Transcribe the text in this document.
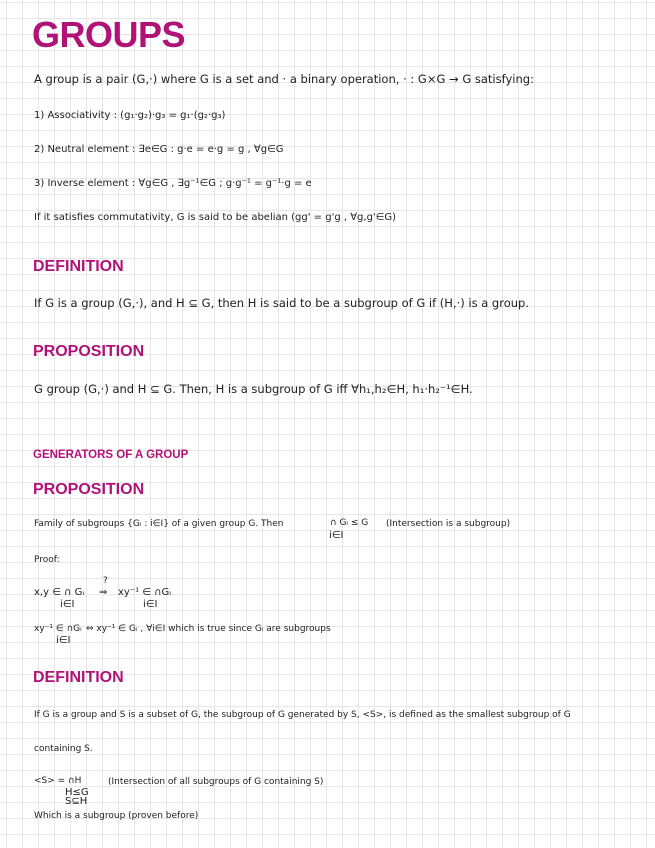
GROUPS
A group is a pair (G,·) where G is a set and · a binary operation, · : G×G → G satisfying:
1) Associativity : (g₁·g₂)·g₃ = g₁·(g₂·g₃)
2) Neutral element : ∃e∈G : g·e = e·g = g , ∀g∈G
3) Inverse element : ∀g∈G , ∃g⁻¹∈G ; g·g⁻¹ = g⁻¹·g = e
If it satisfies commutativity, G is said to be abelian (gg' = g'g , ∀g,g'∈G)
DEFINITION
If G is a group (G,·), and H ⊆ G, then H is said to be a subgroup of G if (H,·) is a group.
PROPOSITION
G group (G,·) and H ⊆ G. Then, H is a subgroup of G iff ∀h₁,h₂∈H, h₁·h₂⁻¹∈H.
GENERATORS OF A GROUP
PROPOSITION
Family of subgroups {Gᵢ : i∈I} of a given group G. Then	∩ Gᵢ ≤ G
i∈I
(Intersection is a subgroup)
Proof:
x,y ∈ ∩ Gᵢ
i∈I
?
⇒ xy⁻¹ ∈ ∩Gᵢ
i∈I
xy⁻¹ ∈ ∩Gᵢ
i∈I
⇔ xy⁻¹ ∈ Gᵢ , ∀i∈I which is true since Gᵢ are subgroups
DEFINITION
If G is a group and S is a subset of G, the subgroup of G generated by S, <S>, is defined as the smallest subgroup of G
containing S.
<S> = ∩H
H≤G
S⊆H
(Intersection of all subgroups of G containing S)
Which is a subgroup (proven before)
